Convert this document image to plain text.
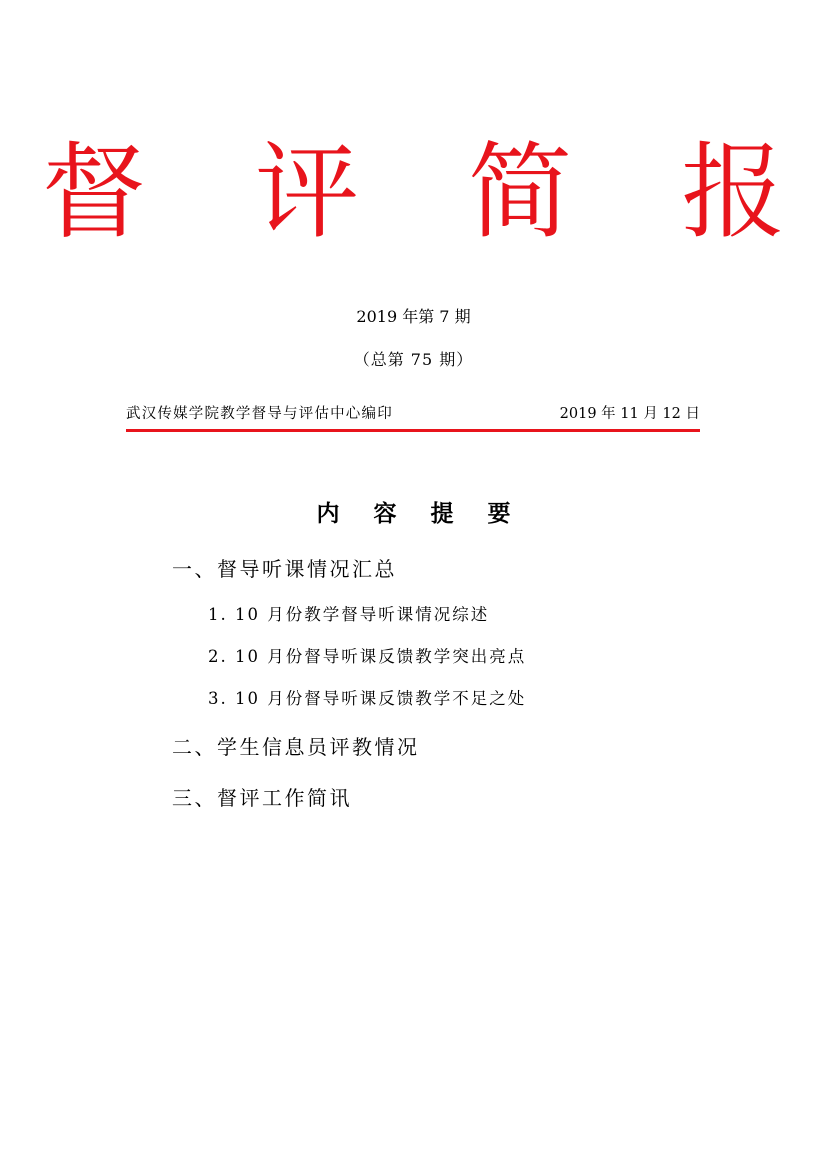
督 评 简 报
2019 年第 7 期
（总第 75 期）
武汉传媒学院教学督导与评估中心编印	2019 年 11 月 12 日
内 容 提 要
一、督导听课情况汇总
1. 10 月份教学督导听课情况综述
2. 10 月份督导听课反馈教学突出亮点
3. 10 月份督导听课反馈教学不足之处
二、学生信息员评教情况
三、督评工作简讯
